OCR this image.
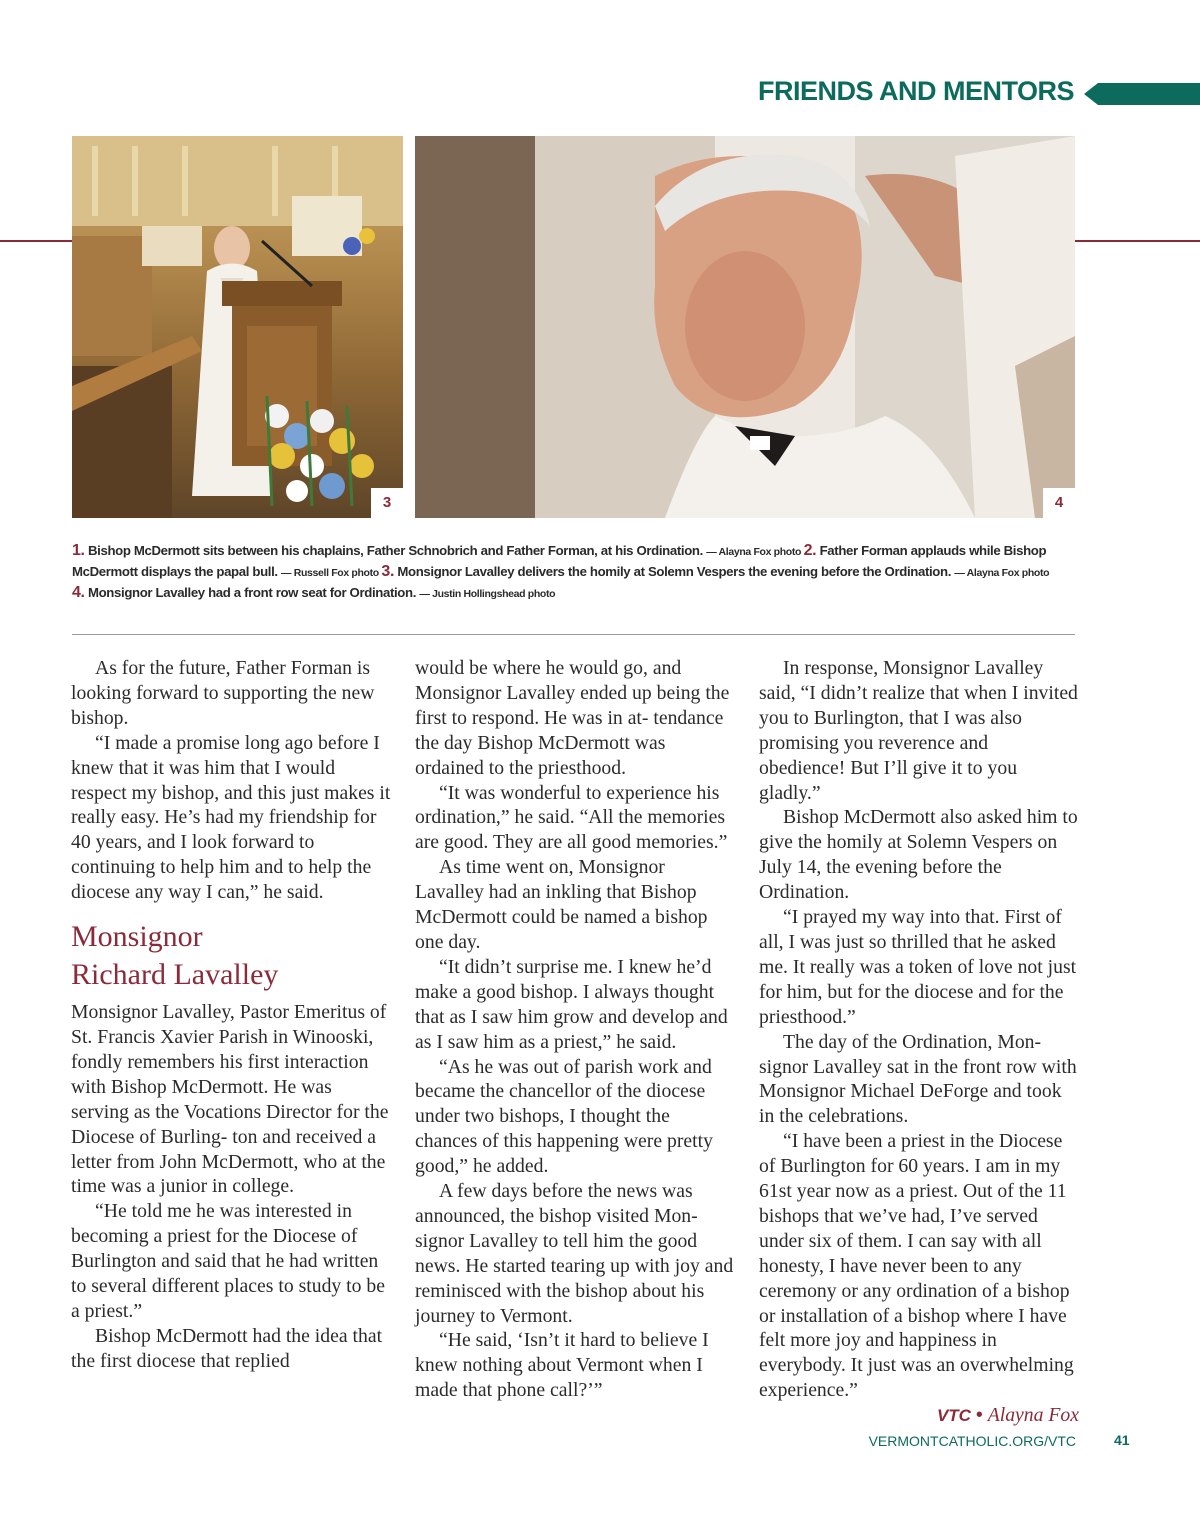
FRIENDS AND MENTORS
3	4
1. Bishop McDermott sits between his chaplains, Father Schnobrich and Father Forman, at his Ordination. — Alayna Fox photo 2. Father Forman applauds while Bishop McDermott displays the papal bull. — Russell Fox photo 3. Monsignor Lavalley delivers the homily at Solemn Vespers the evening before the Ordination. — Alayna Fox photo
4. Monsignor Lavalley had a front row seat for Ordination. — Justin Hollingshead photo

As for the future, Father Forman is looking forward to supporting the new bishop.

“I made a promise long ago before I knew that it was him that I would respect my bishop, and this just makes it really easy. He’s had my friendship for 40 years, and I look forward to continuing to help him and to help the diocese any way I can,” he said.

Monsignor
Richard Lavalley

Monsignor Lavalley, Pastor Emeritus of St. Francis Xavier Parish in Winooski, fondly remembers his first interaction with Bishop McDermott. He was serving as the Vocations Director for the Diocese of Burling- ton and received a letter from John McDermott, who at the time was a junior in college.

“He told me he was interested in becoming a priest for the Diocese of Burlington and said that he had written to several different places to study to be a priest.”

Bishop McDermott had the idea that the first diocese that replied

would be where he would go, and Monsignor Lavalley ended up being the first to respond. He was in at- tendance the day Bishop McDermott was ordained to the priesthood.

“It was wonderful to experience his ordination,” he said. “All the memories are good. They are all good memories.”

As time went on, Monsignor Lavalley had an inkling that Bishop McDermott could be named a bishop one day.

“It didn’t surprise me. I knew he’d make a good bishop. I always thought that as I saw him grow and develop and as I saw him as a priest,” he said.

“As he was out of parish work and became the chancellor of the diocese under two bishops, I thought the chances of this happening were pretty good,” he added.

A few days before the news was announced, the bishop visited Mon- signor Lavalley to tell him the good news. He started tearing up with joy and reminisced with the bishop about his journey to Vermont.

“He said, ‘Isn’t it hard to believe I knew nothing about Vermont when I made that phone call?’”

In response, Monsignor Lavalley said, “I didn’t realize that when I invited you to Burlington, that I was also promising you reverence and obedience! But I’ll give it to you gladly.”

Bishop McDermott also asked him to give the homily at Solemn Vespers on July 14, the evening before the Ordination.

“I prayed my way into that. First of all, I was just so thrilled that he asked me. It really was a token of love not just for him, but for the diocese and for the priesthood.”

The day of the Ordination, Mon- signor Lavalley sat in the front row with Monsignor Michael DeForge and took in the celebrations.

“I have been a priest in the Diocese of Burlington for 60 years. I am in my 61st year now as a priest. Out of the 11 bishops that we’ve had, I’ve served under six of them. I can say with all honesty, I have never been to any ceremony or any ordination of a bishop or installation of a bishop where I have felt more joy and happiness in everybody. It just was an overwhelming experience.”

VTC • Alayna Fox
VERMONTCATHOLIC.ORG/VTC	41
